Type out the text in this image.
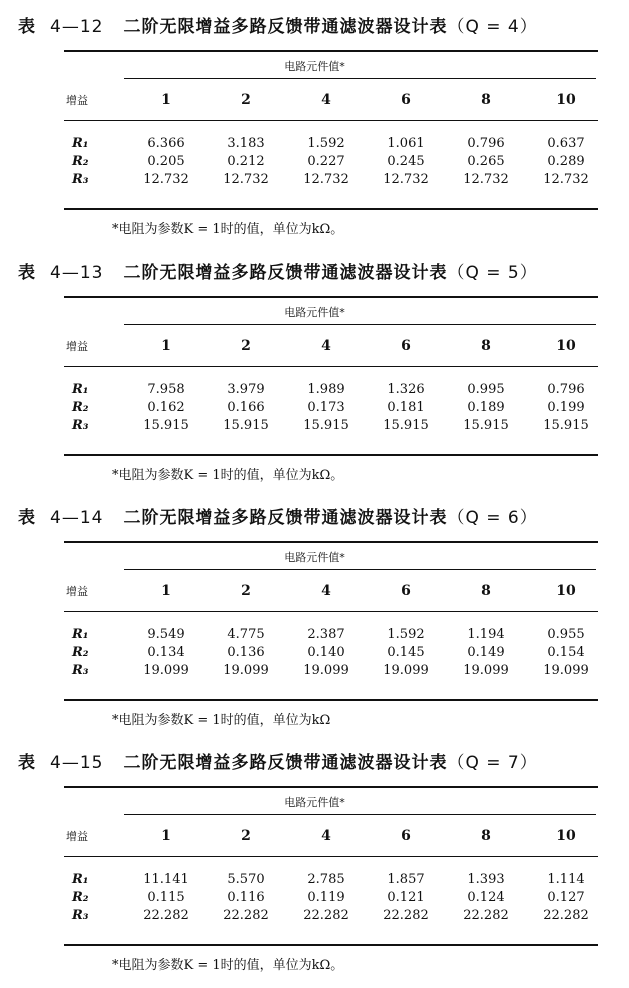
表 4—12 二阶无限增益多路反馈带通滤波器设计表（Q = 4）
电路元件值*
增益	1	2	4	6	8	10
R₁	6.366	3.183	1.592	1.061	0.796	0.637
R₂	0.205	0.212	0.227	0.245	0.265	0.289
R₃	12.732	12.732	12.732	12.732	12.732	12.732
*电阻为参数K = 1时的值，单位为kΩ。
表 4—13 二阶无限增益多路反馈带通滤波器设计表（Q = 5）
电路元件值*
增益	1	2	4	6	8	10
R₁	7.958	3.979	1.989	1.326	0.995	0.796
R₂	0.162	0.166	0.173	0.181	0.189	0.199
R₃	15.915	15.915	15.915	15.915	15.915	15.915
*电阻为参数K = 1时的值，单位为kΩ。
表 4—14 二阶无限增益多路反馈带通滤波器设计表（Q = 6）
电路元件值*
增益	1	2	4	6	8	10
R₁	9.549	4.775	2.387	1.592	1.194	0.955
R₂	0.134	0.136	0.140	0.145	0.149	0.154
R₃	19.099	19.099	19.099	19.099	19.099	19.099
*电阻为参数K = 1时的值，单位为kΩ
表 4—15 二阶无限增益多路反馈带通滤波器设计表（Q = 7）
电路元件值*
增益	1	2	4	6	8	10
R₁	11.141	5.570	2.785	1.857	1.393	1.114
R₂	0.115	0.116	0.119	0.121	0.124	0.127
R₃	22.282	22.282	22.282	22.282	22.282	22.282
*电阻为参数K = 1时的值，单位为kΩ。
